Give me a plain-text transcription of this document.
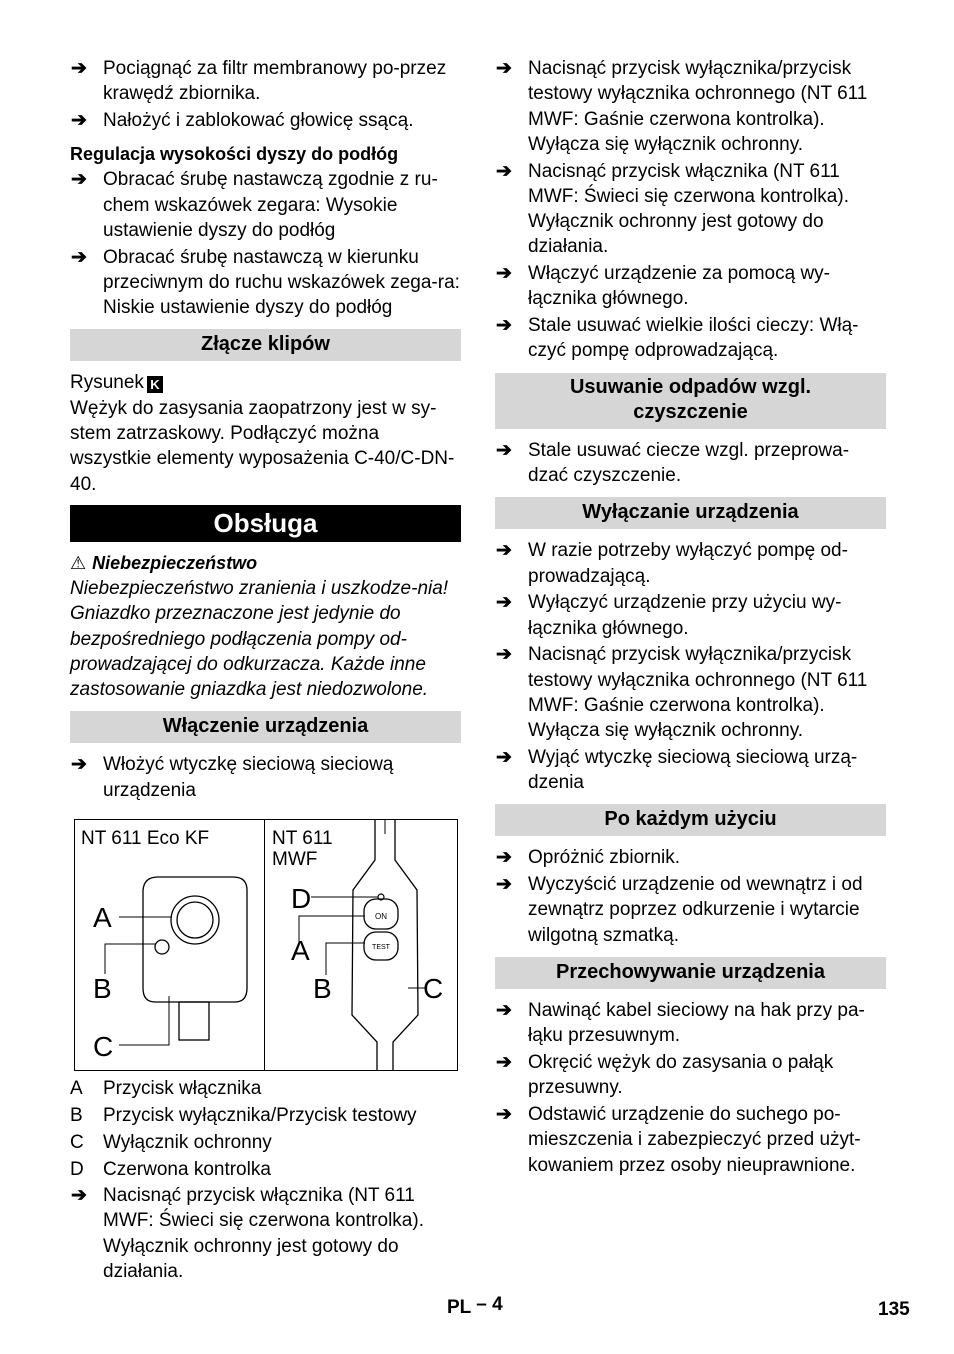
➔ Pociągnąć za filtr membranowy po-przez krawędź zbiornika.
➔ Nałożyć i zablokować głowicę ssącą.
Regulacja wysokości dyszy do podłóg
➔ Obracać śrubę nastawczą zgodnie z ru-chem wskazówek zegara: Wysokie ustawienie dyszy do podłóg
➔ Obracać śrubę nastawczą w kierunku przeciwnym do ruchu wskazówek zega-ra: Niskie ustawienie dyszy do podłóg
Złącze klipów
Rysunek K
Wężyk do zasysania zaopatrzony jest w sy-stem zatrzaskowy. Podłączyć można wszystkie elementy wyposażenia C-40/C-DN-40.
Obsługa
⚠ Niebezpieczeństwo
Niebezpieczeństwo zranienia i uszkodze-nia! Gniazdko przeznaczone jest jedynie do bezpośredniego podłączenia pompy od-prowadzającej do odkurzacza. Każde inne zastosowanie gniazdka jest niedozwolone.
Włączenie urządzenia
➔ Włożyć wtyczkę sieciową sieciową urządzenia
NT 611 Eco KF
A
B
C
NT 611
MWF
ON
TEST
D
A
B	C
A Przycisk włącznika
B Przycisk wyłącznika/Przycisk testowy
C Wyłącznik ochronny
D Czerwona kontrolka
➔ Nacisnąć przycisk włącznika (NT 611 MWF: Świeci się czerwona kontrolka). Wyłącznik ochronny jest gotowy do działania.
➔ Nacisnąć przycisk wyłącznika/przycisk testowy wyłącznika ochronnego (NT 611 MWF: Gaśnie czerwona kontrolka). Wyłącza się wyłącznik ochronny.
➔ Nacisnąć przycisk włącznika (NT 611 MWF: Świeci się czerwona kontrolka). Wyłącznik ochronny jest gotowy do działania.
➔ Włączyć urządzenie za pomocą wy-łącznika głównego.
➔ Stale usuwać wielkie ilości cieczy: Włą-czyć pompę odprowadzającą.
Usuwanie odpadów wzgl. czyszczenie
➔ Stale usuwać ciecze wzgl. przeprowa-dzać czyszczenie.
Wyłączanie urządzenia
➔ W razie potrzeby wyłączyć pompę od-prowadzającą.
➔ Wyłączyć urządzenie przy użyciu wy-łącznika głównego.
➔ Nacisnąć przycisk wyłącznika/przycisk testowy wyłącznika ochronnego (NT 611 MWF: Gaśnie czerwona kontrolka). Wyłącza się wyłącznik ochronny.
➔ Wyjąć wtyczkę sieciową sieciową urzą-dzenia
Po każdym użyciu
➔ Opróżnić zbiornik.
➔ Wyczyścić urządzenie od wewnątrz i od zewnątrz poprzez odkurzenie i wytarcie wilgotną szmatką.
Przechowywanie urządzenia
➔ Nawinąć kabel sieciowy na hak przy pa-łąku przesuwnym.
➔ Okręcić wężyk do zasysania o pałąk przesuwny.
➔ Odstawić urządzenie do suchego po-mieszczenia i zabezpieczyć przed użyt-kowaniem przez osoby nieuprawnione.
PL – 4	135
